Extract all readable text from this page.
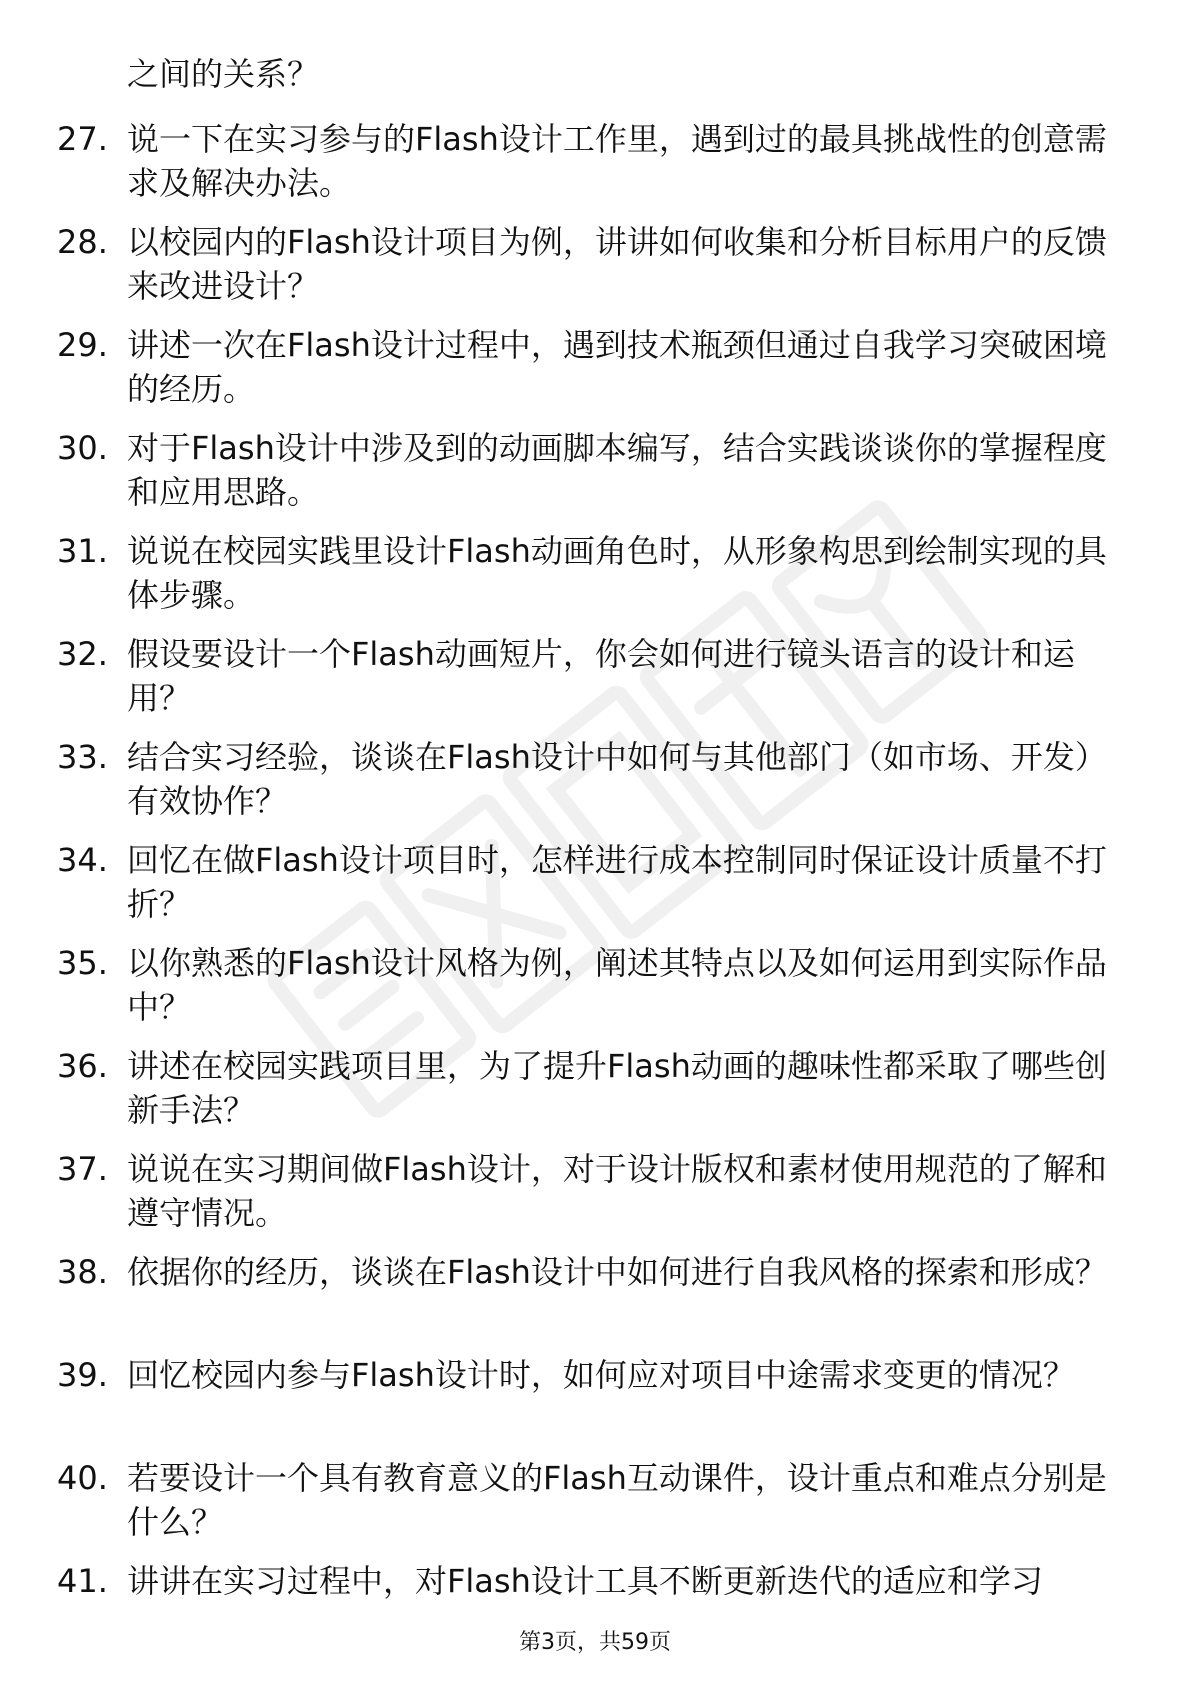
之间的关系？
27. 说一下在实习参与的Flash设计工作里，遇到过的最具挑战性的创意需求及解决办法。
28. 以校园内的Flash设计项目为例，讲讲如何收集和分析目标用户的反馈来改进设计？
29. 讲述一次在Flash设计过程中，遇到技术瓶颈但通过自我学习突破困境的经历。
30. 对于Flash设计中涉及到的动画脚本编写，结合实践谈谈你的掌握程度和应用思路。
31. 说说在校园实践里设计Flash动画角色时，从形象构思到绘制实现的具体步骤。
32. 假设要设计一个Flash动画短片，你会如何进行镜头语言的设计和运用？
33. 结合实习经验，谈谈在Flash设计中如何与其他部门（如市场、开发）有效协作？
34. 回忆在做Flash设计项目时，怎样进行成本控制同时保证设计质量不打折？
35. 以你熟悉的Flash设计风格为例，阐述其特点以及如何运用到实际作品中？
36. 讲述在校园实践项目里，为了提升Flash动画的趣味性都采取了哪些创新手法？
37. 说说在实习期间做Flash设计，对于设计版权和素材使用规范的了解和遵守情况。
38. 依据你的经历，谈谈在Flash设计中如何进行自我风格的探索和形成？
39. 回忆校园内参与Flash设计时，如何应对项目中途需求变更的情况？
40. 若要设计一个具有教育意义的Flash互动课件，设计重点和难点分别是什么？
41. 讲讲在实习过程中，对Flash设计工具不断更新迭代的适应和学习
第3页，共59页
